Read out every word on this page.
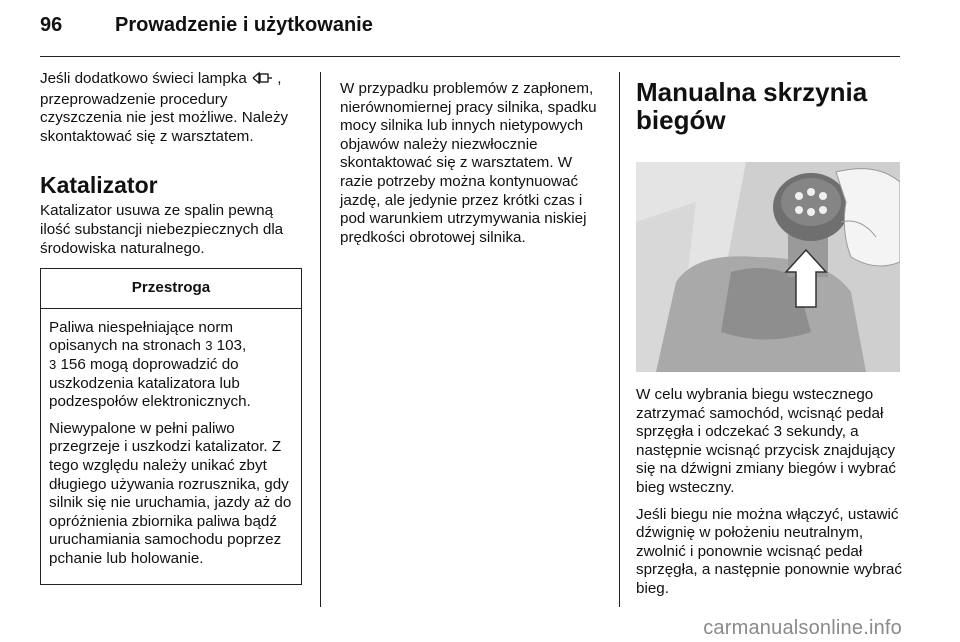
96	Prowadzenie i użytkowanie

Jeśli dodatkowo świeci lampka  , przeprowadzenie procedury czyszczenia nie jest możliwe. Należy skontaktować się z warsztatem.

Katalizator

Katalizator usuwa ze spalin pewną ilość substancji niebezpiecznych dla środowiska naturalnego.

Przestroga

Paliwa niespełniające norm opisanych na stronach 3 103,
3 156 mogą doprowadzić do uszkodzenia katalizatora lub podzespołów elektronicznych.

Niewypalone w pełni paliwo przegrzeje i uszkodzi katalizator. Z tego względu należy unikać zbyt długiego używania rozrusznika, gdy silnik się nie uruchamia, jazdy aż do opróżnienia zbiornika paliwa bądź uruchamiania samochodu poprzez pchanie lub holowanie.

W przypadku problemów z zapłonem, nierównomiernej pracy silnika, spadku mocy silnika lub innych nietypowych objawów należy niezwłocznie skontaktować się z warsztatem. W razie potrzeby można kontynuować jazdę, ale jedynie przez krótki czas i pod warunkiem utrzymywania niskiej prędkości obrotowej silnika.

Manualna skrzynia biegów

W celu wybrania biegu wstecznego zatrzymać samochód, wcisnąć pedał sprzęgła i odczekać 3 sekundy, a następnie wcisnąć przycisk znajdujący się na dźwigni zmiany biegów i wybrać bieg wsteczny.

Jeśli biegu nie można włączyć, ustawić dźwignię w położeniu neutralnym, zwolnić i ponownie wcisnąć pedał sprzęgła, a następnie ponownie wybrać bieg.

carmanualsonline.info
